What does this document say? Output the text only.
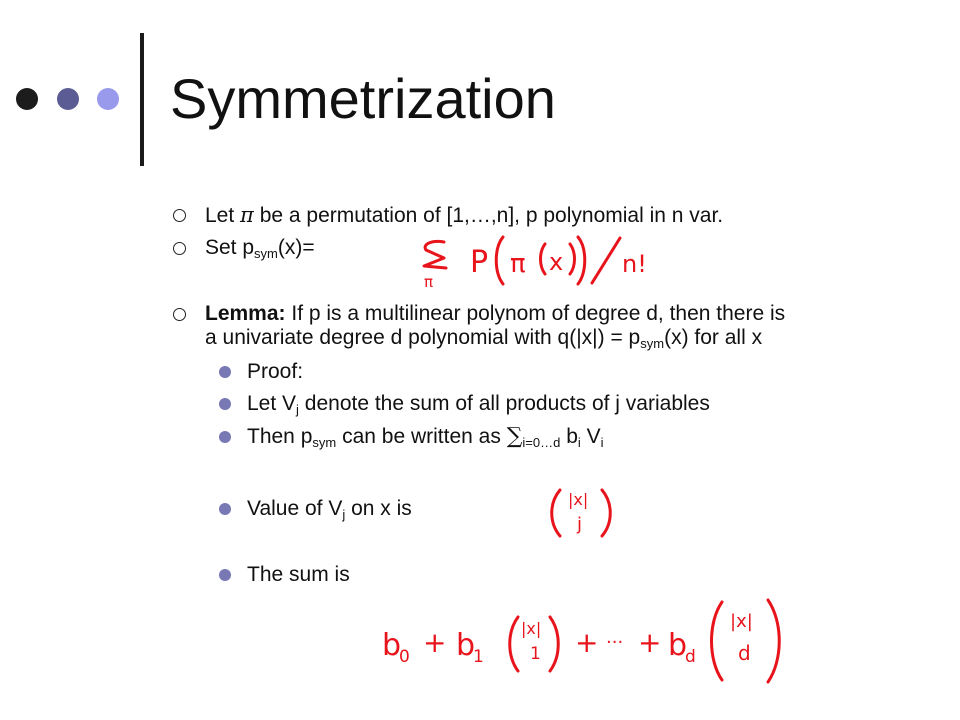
Symmetrization
Let π be a permutation of [1,…,n], p polynomial in n var.
Set $p_{sym}(x)=$
Lemma: If p is a multilinear polynom of degree d, then there is
a univariate degree d polynomial with $q(|x|) = p_{sym}(x)$ for all x
Proof:
Let $V_j$ denote the sum of all products of j variables
Then $p_{sym}$ can be written as $\sum_{i=0\dots d}$ $b_i$ $V_i$
Value of $V_j$ on x is
The sum is
π
P π x n!
|x|
j
b
0 + b
1
|x|
1 + ··· + b
d
|x|
d
